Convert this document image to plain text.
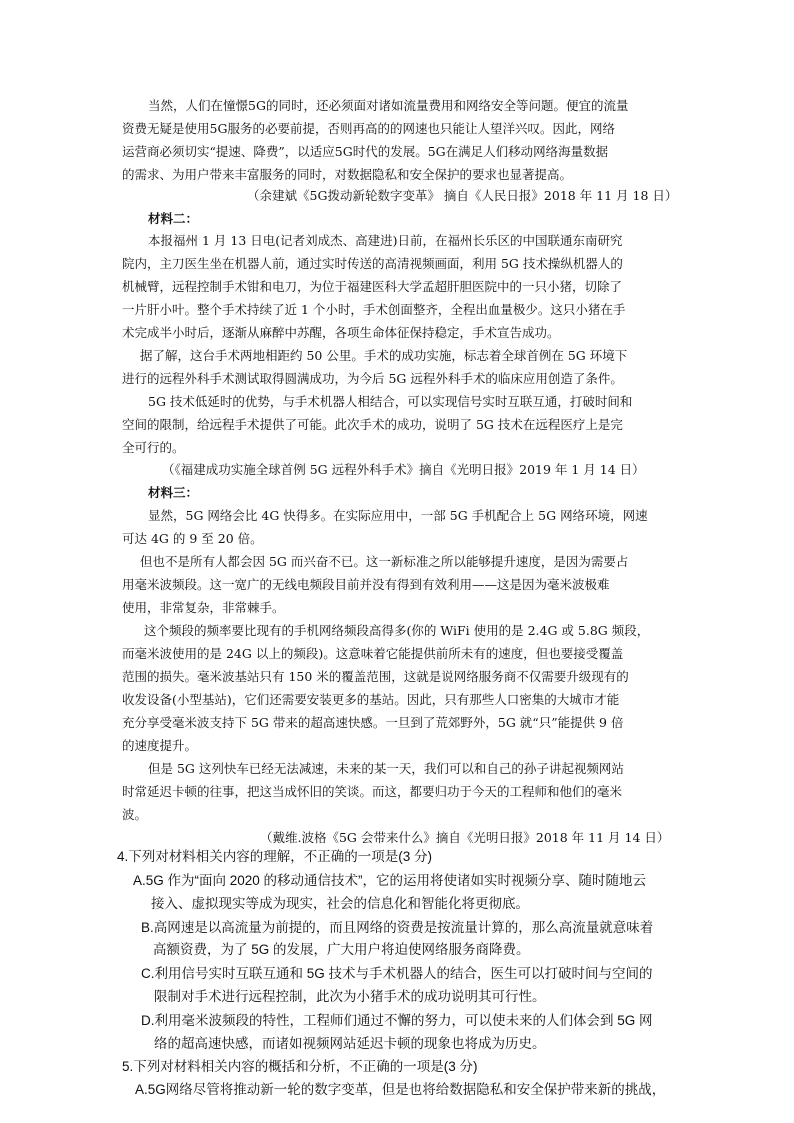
当然，人们在憧憬5G的同时，还必须面对诸如流量费用和网络安全等问题。便宜的流量
资费无疑是使用5G服务的必要前提，否则再高的的网速也只能让人望洋兴叹。因此，网络
运营商必须切实“提速、降费”，以适应5G时代的发展。5G在满足人们移动网络海量数据
的需求、为用户带来丰富服务的同时，对数据隐私和安全保护的要求也显著提高。
（余建斌《5G拨动新轮数字变革》 摘自《人民日报》2018 年 11 月 18 日）
材料二：
本报福州 1 月 13 日电(记者刘成杰、高建进)日前，在福州长乐区的中国联通东南研究
院内，主刀医生坐在机器人前，通过实时传送的高清视频画面，利用 5G 技术操纵机器人的
机械臂，远程控制手术钳和电刀，为位于福建医科大学孟超肝胆医院中的一只小猪，切除了
一片肝小叶。整个手术持续了近 1 个小时，手术创面整齐，全程出血量极少。这只小猪在手
术完成半小时后，逐渐从麻醉中苏醒，各项生命体征保持稳定，手术宣告成功。
据了解，这台手术两地相距约 50 公里。手术的成功实施，标志着全球首例在 5G 环境下
进行的远程外科手术测试取得圆满成功，为今后 5G 远程外科手术的临床应用创造了条件。
5G 技术低延时的优势，与手术机器人相结合，可以实现信号实时互联互通，打破时间和
空间的限制，给远程手术提供了可能。此次手术的成功，说明了 5G 技术在远程医疗上是完
全可行的。
（《福建成功实施全球首例 5G 远程外科手术》摘自《光明日报》2019 年 1 月 14 日）
材料三：
显然，5G 网络会比 4G 快得多。在实际应用中，一部 5G 手机配合上 5G 网络环境，网速
可达 4G 的 9 至 20 倍。
但也不是所有人都会因 5G 而兴奋不已。这一新标准之所以能够提升速度，是因为需要占
用毫米波频段。这一宽广的无线电频段目前并没有得到有效利用——这是因为毫米波极难
使用，非常复杂，非常棘手。
这个频段的频率要比现有的手机网络频段高得多(你的 WiFi 使用的是 2.4G 或 5.8G 频段，
而毫米波使用的是 24G 以上的频段)。这意味着它能提供前所未有的速度，但也要接受覆盖
范围的损失。毫米波基站只有 150 米的覆盖范围，这就是说网络服务商不仅需要升级现有的
收发设备(小型基站)，它们还需要安装更多的基站。因此，只有那些人口密集的大城市才能
充分享受毫米波支持下 5G 带来的超高速快感。一旦到了荒郊野外，5G 就“只”能提供 9 倍
的速度提升。
但是 5G 这列快车已经无法减速，未来的某一天，我们可以和自己的孙子讲起视频网站
时常延迟卡顿的往事，把这当成怀旧的笑谈。而这，都要归功于今天的工程师和他们的毫米
波。
（戴维.波格《5G 会带来什么》摘自《光明日报》2018 年 11 月 14 日）
4.下列对材料相关内容的理解，不正确的一项是(3 分)
A.5G 作为“面向 2020 的移动通信技术”，它的运用将使诸如实时视频分享、随时随地云
接入、虚拟现实等成为现实，社会的信息化和智能化将更彻底。
B.高网速是以高流量为前提的，而且网络的资费是按流量计算的，那么高流量就意味着
高额资费，为了 5G 的发展，广大用户将迫使网络服务商降费。
C.利用信号实时互联互通和 5G 技术与手术机器人的结合，医生可以打破时间与空间的
限制对手术进行远程控制，此次为小猪手术的成功说明其可行性。
D.利用毫米波频段的特性，工程师们通过不懈的努力，可以使未来的人们体会到 5G 网
络的超高速快感，而诸如视频网站延迟卡顿的现象也将成为历史。
5.下列对材料相关内容的概括和分析，不正确的一项是(3 分)
A.5G网络尽管将推动新一轮的数字变革，但是也将给数据隐私和安全保护带来新的挑战，
